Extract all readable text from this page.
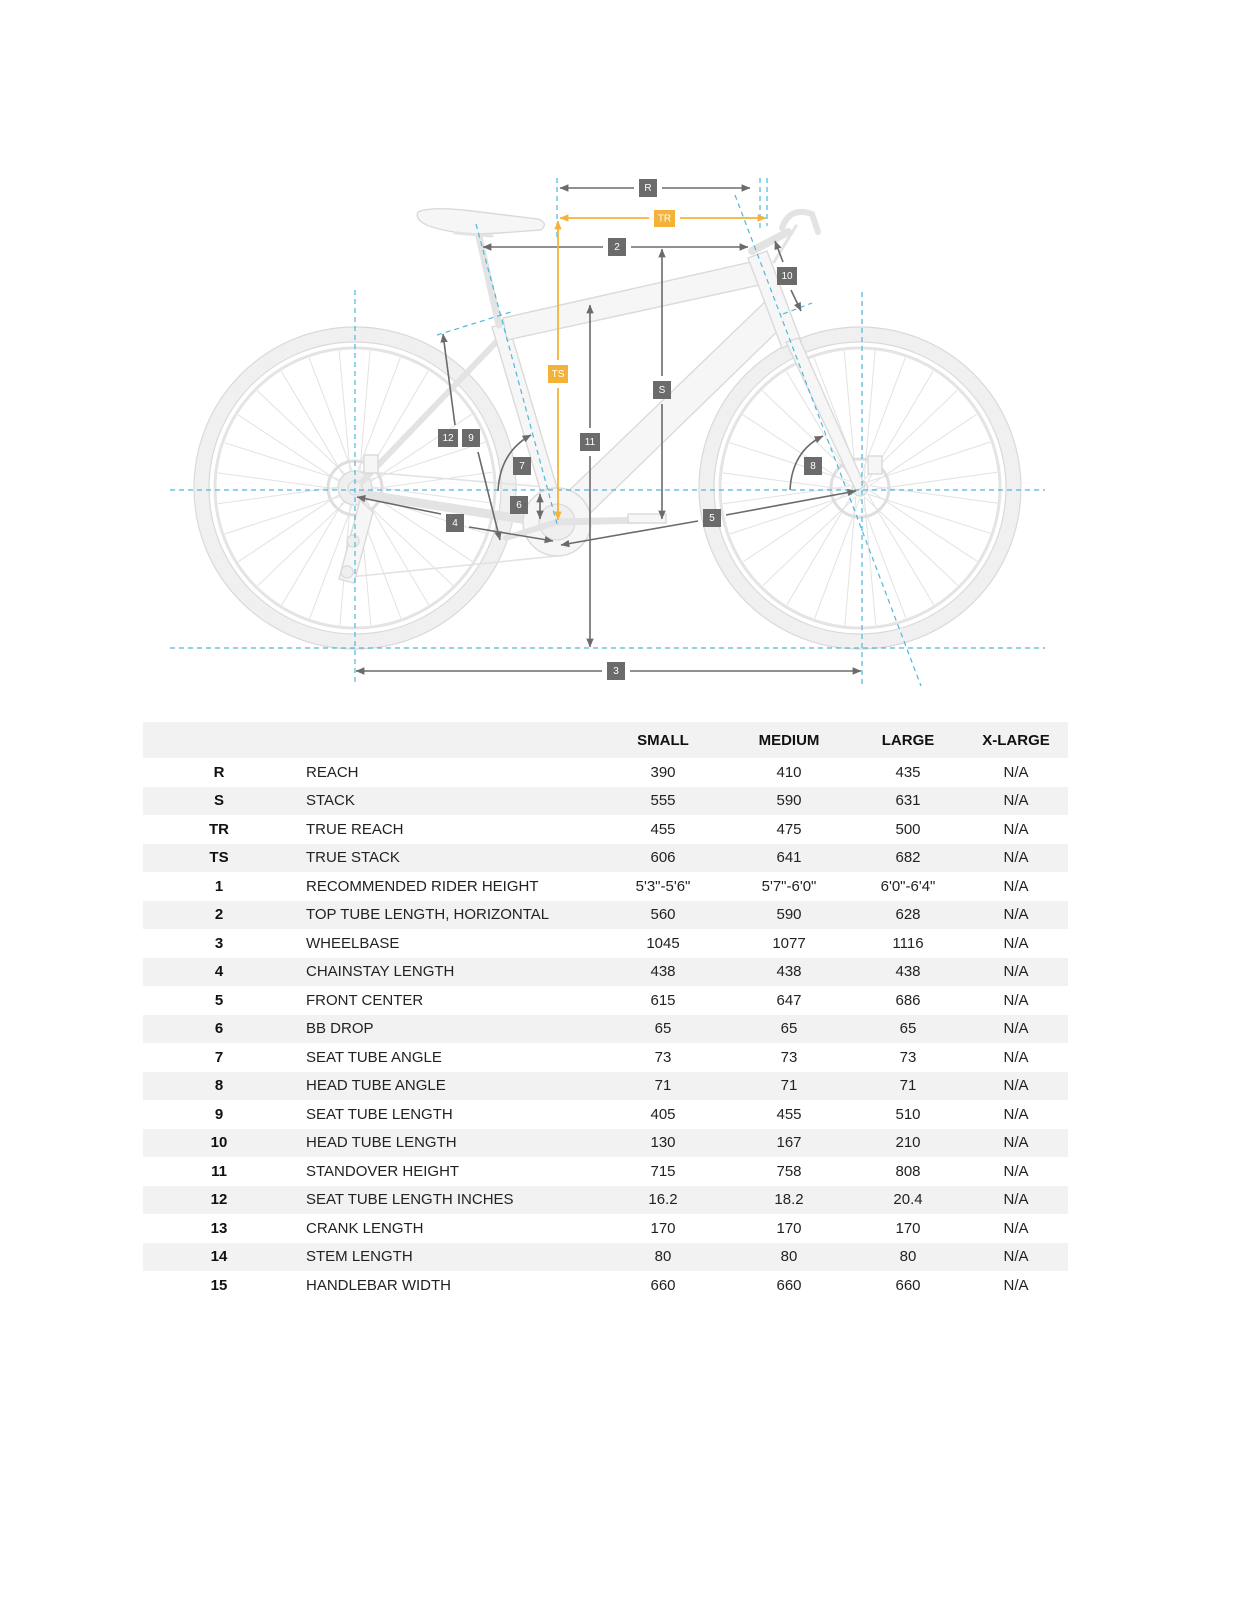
R
TR
2
TS
S
10
11
12 9
7	8
6
4	5
3
		SMALL	MEDIUM	LARGE	X-LARGE
R	REACH	390	410	435	N/A
S	STACK	555	590	631	N/A
TR	TRUE REACH	455	475	500	N/A
TS	TRUE STACK	606	641	682	N/A
1	RECOMMENDED RIDER HEIGHT	5'3"-5'6"	5'7"-6'0"	6'0"-6'4"	N/A
2	TOP TUBE LENGTH, HORIZONTAL	560	590	628	N/A
3	WHEELBASE	1045	1077	1116	N/A
4	CHAINSTAY LENGTH	438	438	438	N/A
5	FRONT CENTER	615	647	686	N/A
6	BB DROP	65	65	65	N/A
7	SEAT TUBE ANGLE	73	73	73	N/A
8	HEAD TUBE ANGLE	71	71	71	N/A
9	SEAT TUBE LENGTH	405	455	510	N/A
10	HEAD TUBE LENGTH	130	167	210	N/A
11	STANDOVER HEIGHT	715	758	808	N/A
12	SEAT TUBE LENGTH INCHES	16.2	18.2	20.4	N/A
13	CRANK LENGTH	170	170	170	N/A
14	STEM LENGTH	80	80	80	N/A
15	HANDLEBAR WIDTH	660	660	660	N/A
